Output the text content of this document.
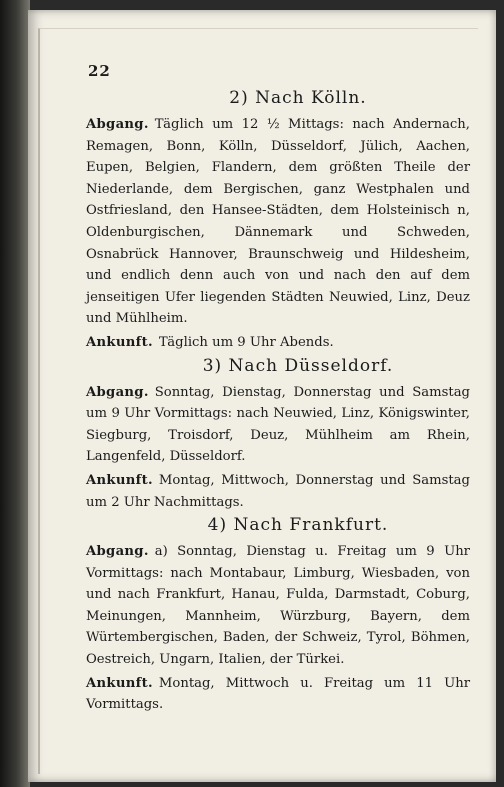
22

2) Nach Kölln.

Abgang. Täglich um 12 ½ Mittags: nach Andernach, Remagen, Bonn, Kölln, Düsseldorf, Jülich, Aachen, Eupen, Belgien, Flandern, dem größten Theile der Niederlande, dem Bergischen, ganz Westphalen und Ostfriesland, den Hansee-Städten, dem Holsteinisch n, Oldenburgischen, Dännemark und Schweden, Osnabrück Hannover, Braunschweig und Hildesheim, und endlich denn auch von und nach den auf dem jenseitigen Ufer liegenden Städten Neuwied, Linz, Deuz und Mühlheim.

Ankunft. Täglich um 9 Uhr Abends.

3) Nach Düsseldorf.

Abgang. Sonntag, Dienstag, Donnerstag und Samstag um 9 Uhr Vormittags: nach Neuwied, Linz, Königswinter, Siegburg, Troisdorf, Deuz, Mühlheim am Rhein, Langenfeld, Düsseldorf.

Ankunft. Montag, Mittwoch, Donnerstag und Samstag um 2 Uhr Nachmittags.

4) Nach Frankfurt.

Abgang. a) Sonntag, Dienstag u. Freitag um 9 Uhr Vormittags: nach Montabaur, Limburg, Wiesbaden, von und nach Frankfurt, Hanau, Fulda, Darmstadt, Coburg, Meinungen, Mannheim, Würzburg, Bayern, dem Würtembergischen, Baden, der Schweiz, Tyrol, Böhmen, Oestreich, Ungarn, Italien, der Türkei.

Ankunft. Montag, Mittwoch u. Freitag um 11 Uhr Vormittags.
